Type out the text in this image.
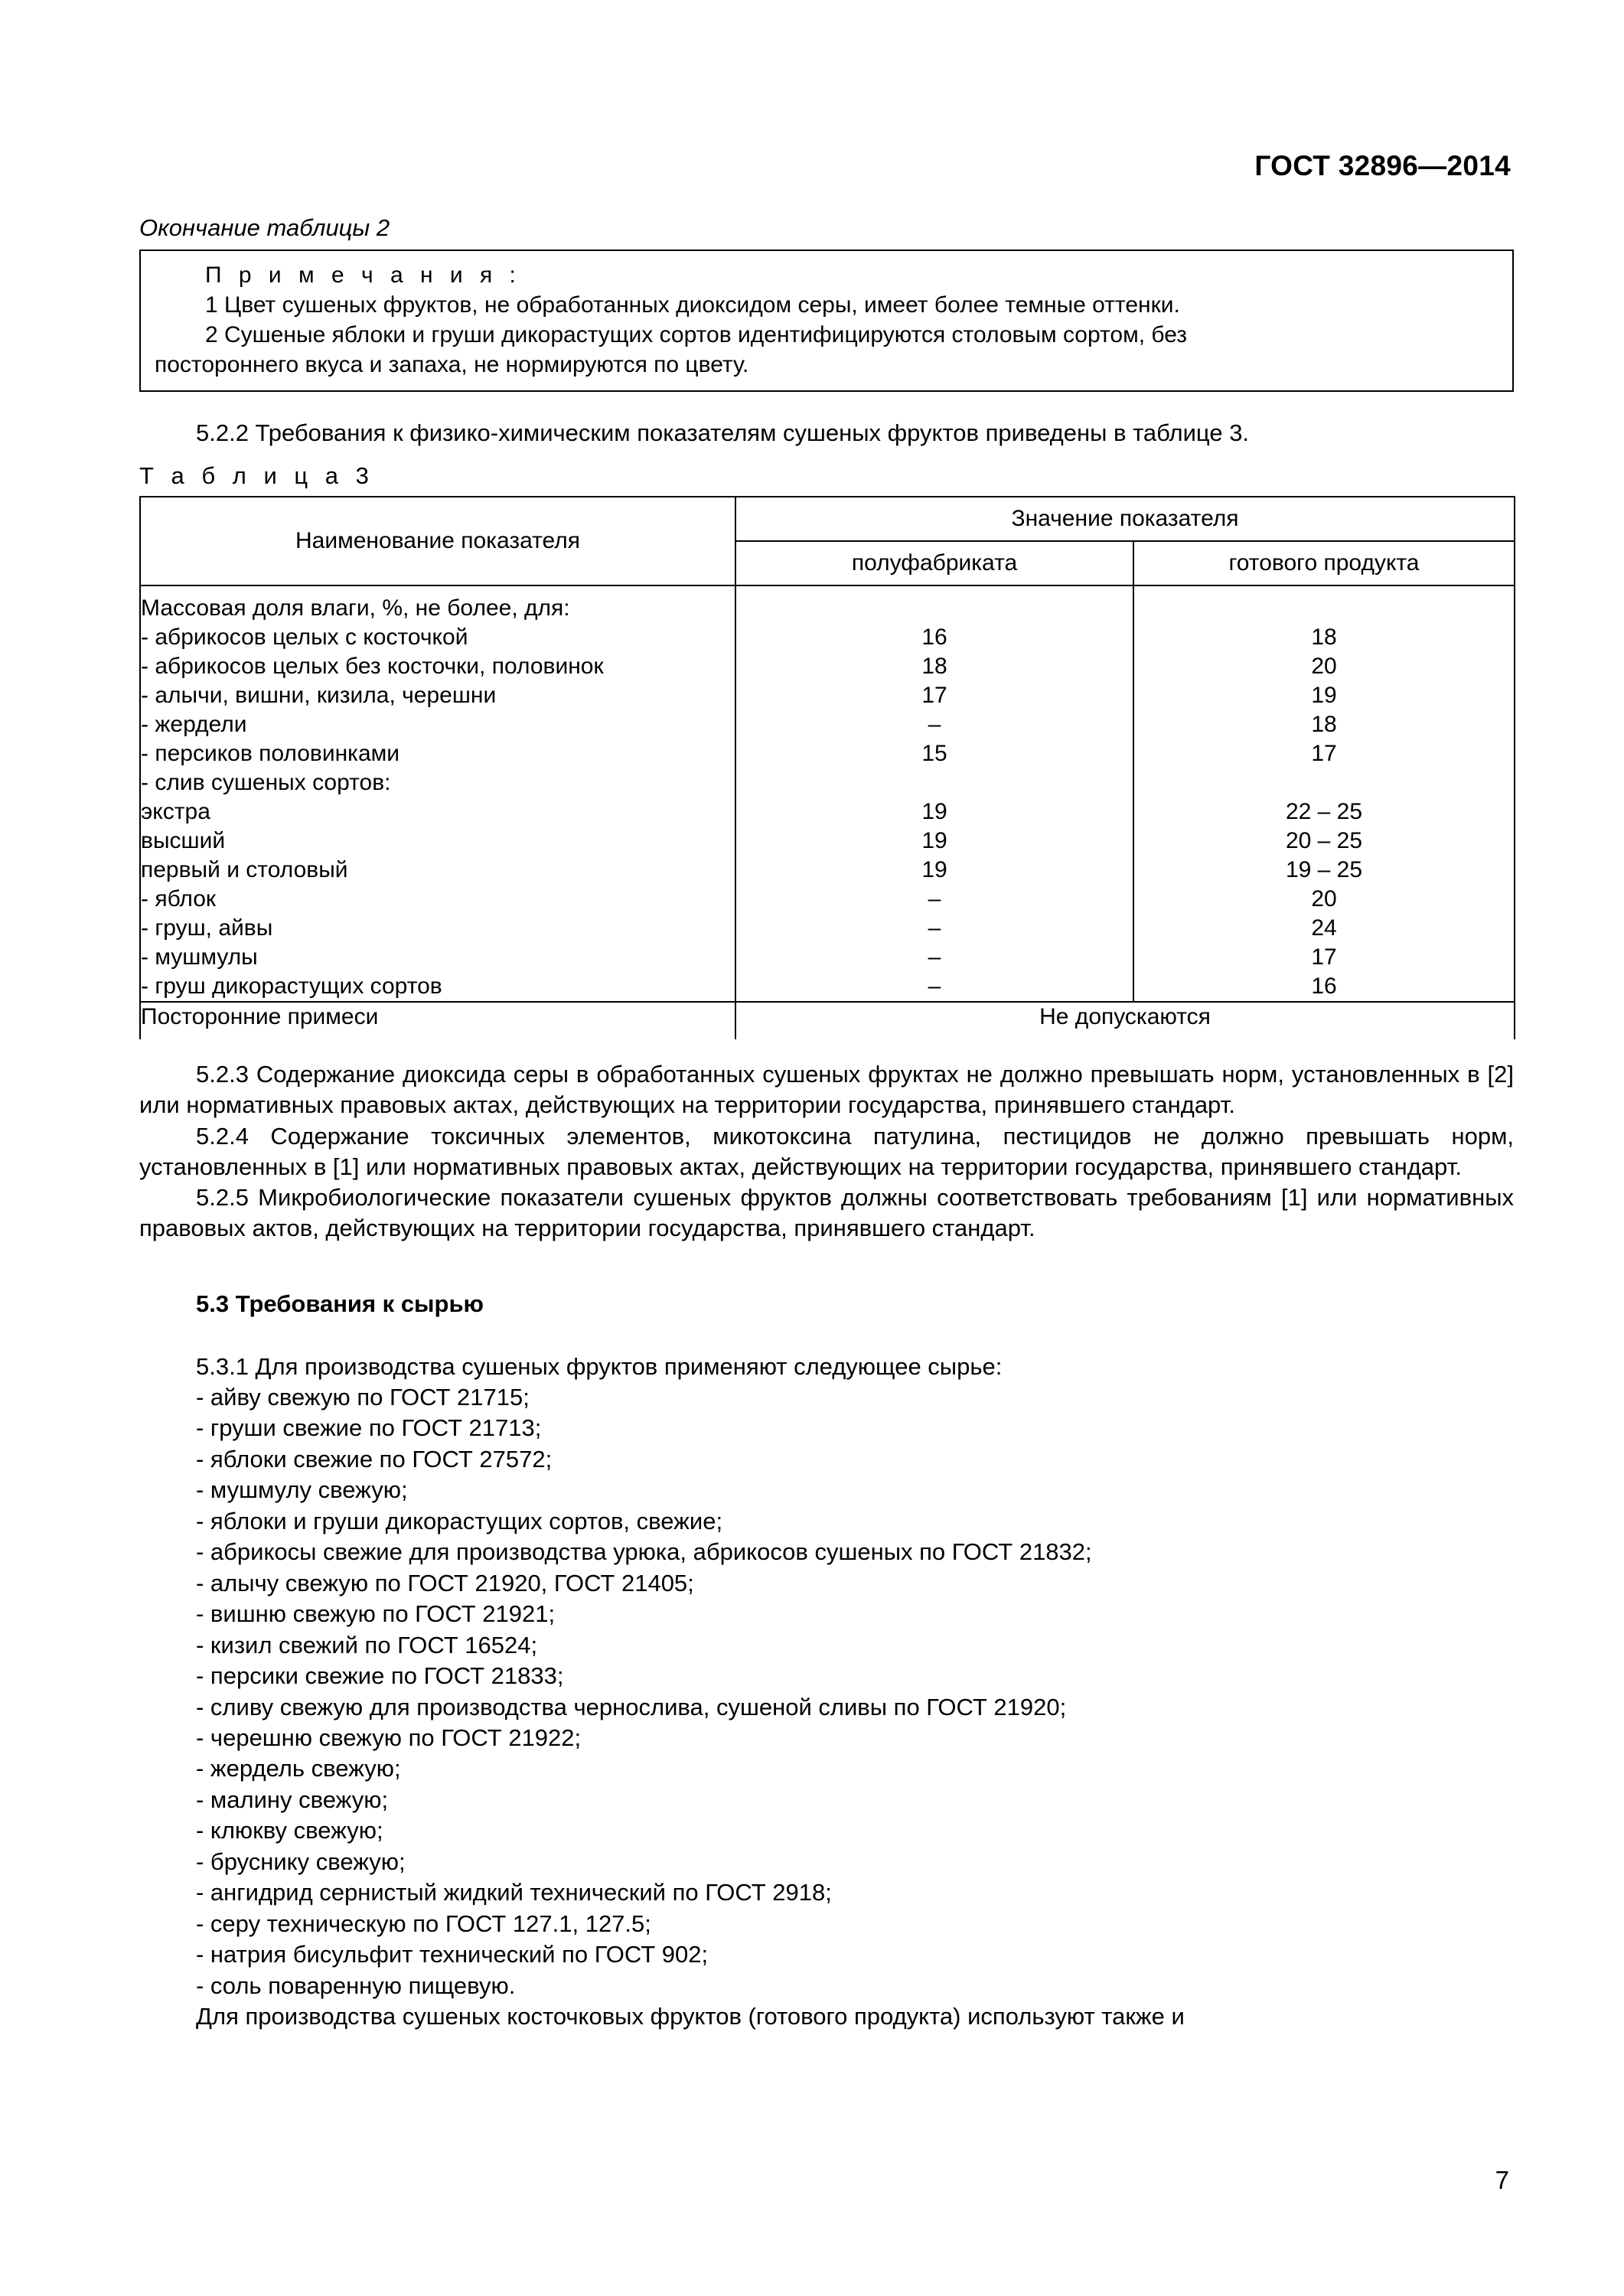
ГОСТ 32896—2014
Окончание таблицы 2
П р и м е ч а н и я :
1 Цвет сушеных фруктов, не обработанных диоксидом серы, имеет более темные оттенки.
2 Сушеные яблоки и груши дикорастущих сортов идентифицируются столовым сортом, без
постороннего вкуса и запаха, не нормируются по цвету.

5.2.2 Требования к физико-химическим показателям сушеных фруктов приведены в таблице 3.

Т а б л и ц а 3
Наименование показателя	Значение показателя	
	полуфабриката	готового продукта
Массовая доля влаги, %, не более, для:		
- абрикосов целых с косточкой	16	18
- абрикосов целых без косточки, половинок	18	20
- алычи, вишни, кизила, черешни	17	19
- жердели	–	18
- персиков половинками	15	17
- слив сушеных сортов:		
экстра	19	22 – 25
высший	19	20 – 25
первый и столовый	19	19 – 25
- яблок	–	20
- груш, айвы	–	24
- мушмулы	–	17
- груш дикорастущих сортов	–	16
Посторонние примеси	Не допускаются	

5.2.3 Содержание диоксида серы в обработанных сушеных фруктах не должно превышать норм, установленных в [2] или нормативных правовых актах, действующих на территории государства, принявшего стандарт.

5.2.4 Содержание токсичных элементов, микотоксина патулина, пестицидов не должно превышать норм, установленных в [1] или нормативных правовых актах, действующих на территории государства, принявшего стандарт.

5.2.5 Микробиологические показатели сушеных фруктов должны соответствовать требованиям [1] или нормативных правовых актов, действующих на территории государства, принявшего стандарт.

5.3 Требования к сырью

5.3.1 Для производства сушеных фруктов применяют следующее сырье:

- айву свежую по ГОСТ 21715;
- груши свежие по ГОСТ 21713;
- яблоки свежие по ГОСТ 27572;
- мушмулу свежую;
- яблоки и груши дикорастущих сортов, свежие;
- абрикосы свежие для производства урюка, абрикосов сушеных по ГОСТ 21832;
- алычу свежую по ГОСТ 21920, ГОСТ 21405;
- вишню свежую по ГОСТ 21921;
- кизил свежий по ГОСТ 16524;
- персики свежие по ГОСТ 21833;
- сливу свежую для производства чернослива, сушеной сливы по ГОСТ 21920;
- черешню свежую по ГОСТ 21922;
- жердель свежую;
- малину свежую;
- клюкву свежую;
- бруснику свежую;
- ангидрид сернистый жидкий технический по ГОСТ 2918;
- серу техническую по ГОСТ 127.1, 127.5;
- натрия бисульфит технический по ГОСТ 902;
- соль поваренную пищевую.

Для производства сушеных косточковых фруктов (готового продукта) используют также и

7
